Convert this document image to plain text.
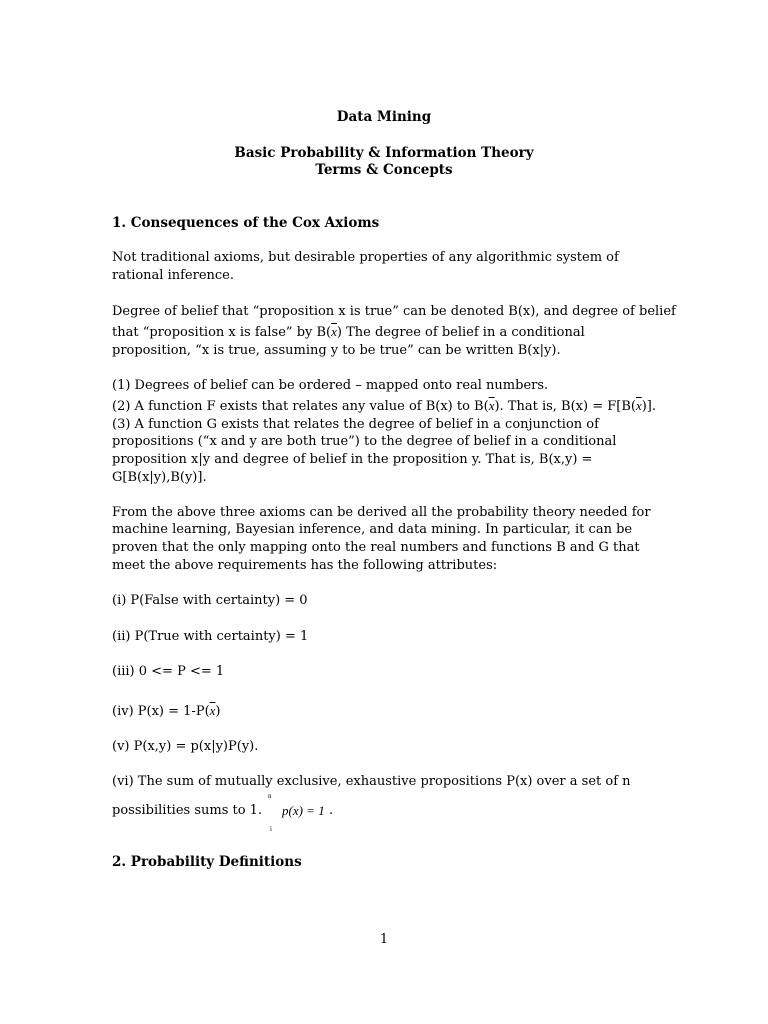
Data Mining
Basic Probability & Information Theory
Terms & Concepts
1. Consequences of the Cox Axioms
Not traditional axioms, but desirable properties of any algorithmic system of
rational inference.
Degree of belief that “proposition x is true” can be denoted B(x), and degree of belief
that “proposition x is false” by $B(\overline{x})$ The degree of belief in a conditional
proposition, “x is true, assuming y to be true” can be written B(x|y).
(1) Degrees of belief can be ordered – mapped onto real numbers.
(2) A function F exists that relates any value of B(x) to $B(\overline{x})$. That is, $B(x) = F[B(\overline{x})]$.
(3) A function G exists that relates the degree of belief in a conjunction of
propositions (“x and y are both true”) to the degree of belief in a conditional
proposition x|y and degree of belief in the proposition y. That is, B(x,y) =
G[B(x|y),B(y)].
From the above three axioms can be derived all the probability theory needed for
machine learning, Bayesian inference, and data mining. In particular, it can be
proven that the only mapping onto the real numbers and functions B and G that
meet the above requirements has the following attributes:
(i) P(False with certainty) = 0
(ii) P(True with certainty) = 1
(iii) 0 <= P <= 1
(iv) $P(x) = 1-P(\overline{x})$
(v) P(x,y) = p(x|y)P(y).
(vi) The sum of mutually exclusive, exhaustive propositions P(x) over a set of n
possibilities sums to 1.
n
i
p(x) = 1 .
2. Probability Definitions
1
